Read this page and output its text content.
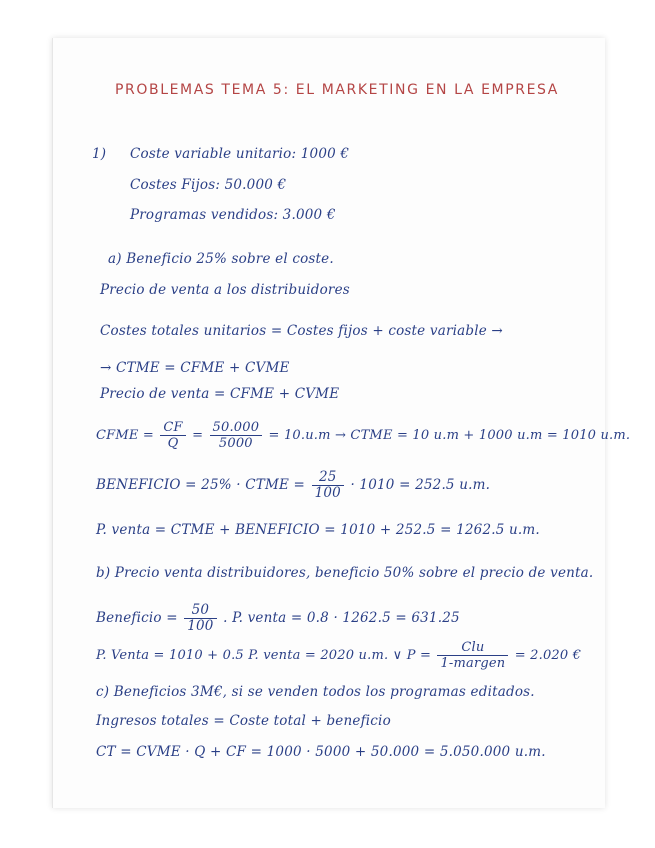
PROBLEMAS TEMA 5: EL MARKETING EN LA EMPRESA
1) Coste variable unitario: 1000 €
Costes Fijos: 50.000 €
Programas vendidos: 3.000 €
a) Beneficio 25% sobre el coste.
Precio de venta a los distribuidores
Costes totales unitarios = Costes fijos + coste variable →
→ CTME = CFME + CVME
Precio de venta = CFME + CVME
CFME = $\frac{CF}{Q} = \frac{50.000}{5000} = 10.u.m$ → CTME = 10 u.m + 1000 u.m = 1010 u.m.
BENEFICIO = 25% · CTME = $\frac{25}{100} \cdot 1010 = 252.5$ u.m.
P. venta = CTME + BENEFICIO = 1010 + 252.5 = 1262.5 u.m.
b) Precio venta distribuidores, beneficio 50% sobre el precio de venta.
Beneficio = $\frac{50}{100}$ . P. venta = 0.8 · 1262.5 = 631.25
P. Venta = 1010 + 0.5 P. venta = 2020 u.m. ∨ $P = \frac{\text{Clu}}{\text{1-margen}} = 2.020$ €
c) Beneficios 3M€, si se venden todos los programas editados.
Ingresos totales = Coste total + beneficio
CT = CVME · Q + CF = 1000 · 5000 + 50.000 = 5.050.000 u.m.
